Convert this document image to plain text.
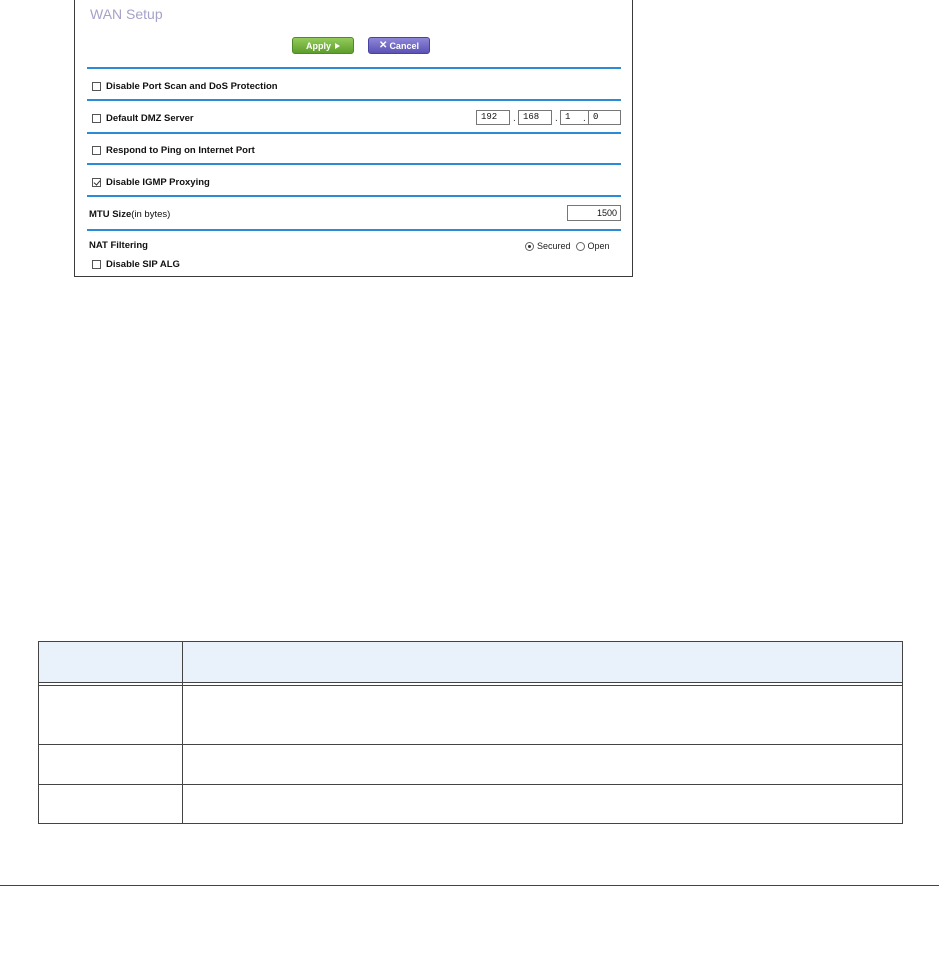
WAN Setup
Apply	✕ Cancel
Disable Port Scan and DoS Protection
Default DMZ Server	192	. 168	. 1	. 0
Respond to Ping on Internet Port
Disable IGMP Proxying
MTU Size (in bytes)	1500
NAT Filtering	Secured Open
Disable SIP ALG
